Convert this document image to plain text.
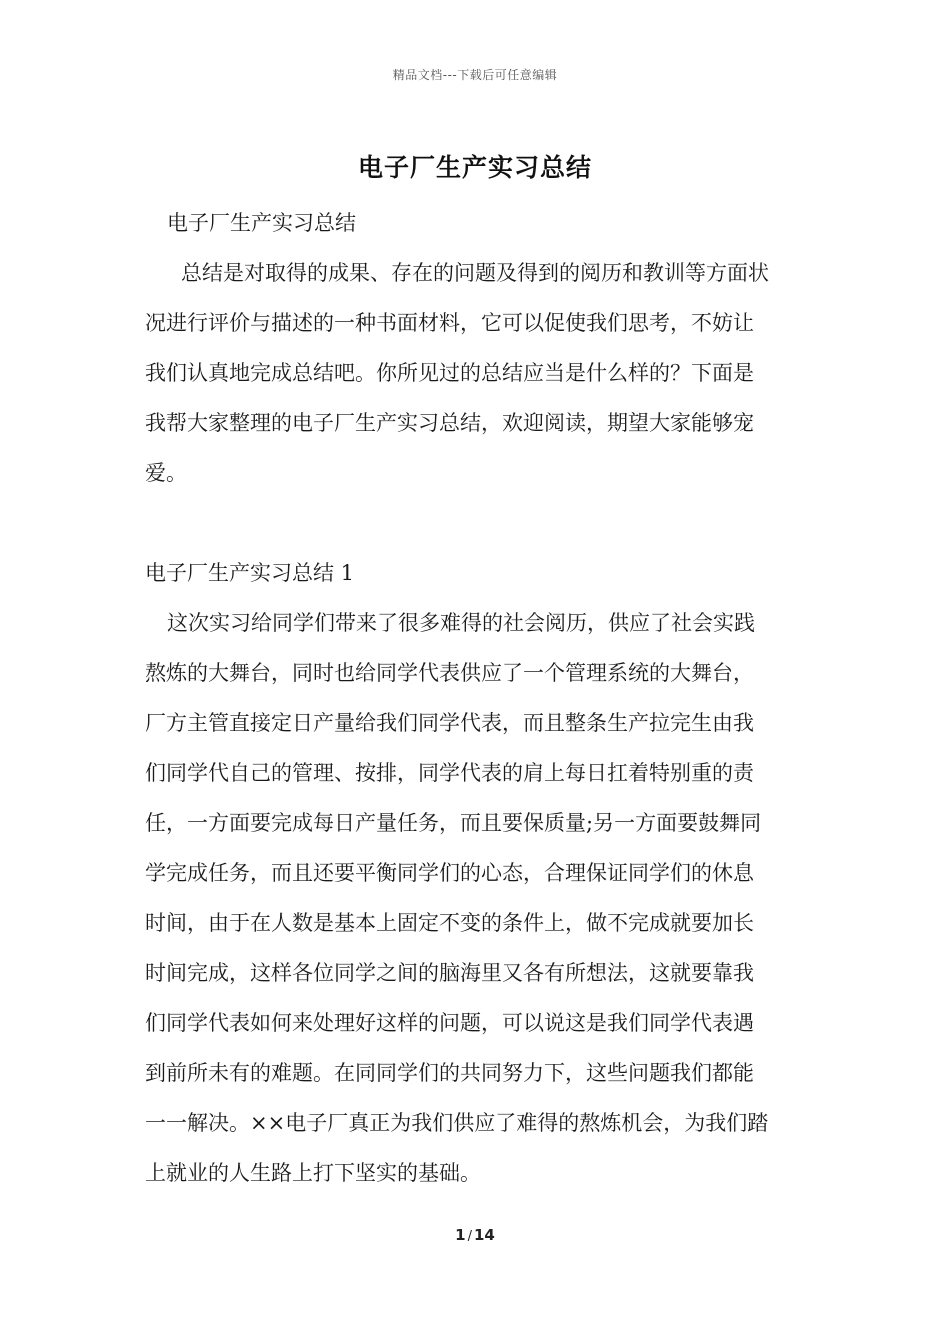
精品文档---下载后可任意编辑
电子厂生产实习总结
电子厂生产实习总结
总结是对取得的成果、存在的问题及得到的阅历和教训等方面状
况进行评价与描述的一种书面材料，它可以促使我们思考，不妨让
我们认真地完成总结吧。你所见过的总结应当是什么样的？下面是
我帮大家整理的电子厂生产实习总结，欢迎阅读，期望大家能够宠
爱。
电子厂生产实习总结 1
这次实习给同学们带来了很多难得的社会阅历，供应了社会实践
熬炼的大舞台，同时也给同学代表供应了一个管理系统的大舞台，
厂方主管直接定日产量给我们同学代表，而且整条生产拉完生由我
们同学代自己的管理、按排，同学代表的肩上每日扛着特别重的责
任，一方面要完成每日产量任务，而且要保质量;另一方面要鼓舞同
学完成任务，而且还要平衡同学们的心态，合理保证同学们的休息
时间，由于在人数是基本上固定不变的条件上，做不完成就要加长
时间完成，这样各位同学之间的脑海里又各有所想法，这就要靠我
们同学代表如何来处理好这样的问题，可以说这是我们同学代表遇
到前所未有的难题。在同同学们的共同努力下，这些问题我们都能
一一解决。××电子厂真正为我们供应了难得的熬炼机会，为我们踏
上就业的人生路上打下坚实的基础。
1 / 14
